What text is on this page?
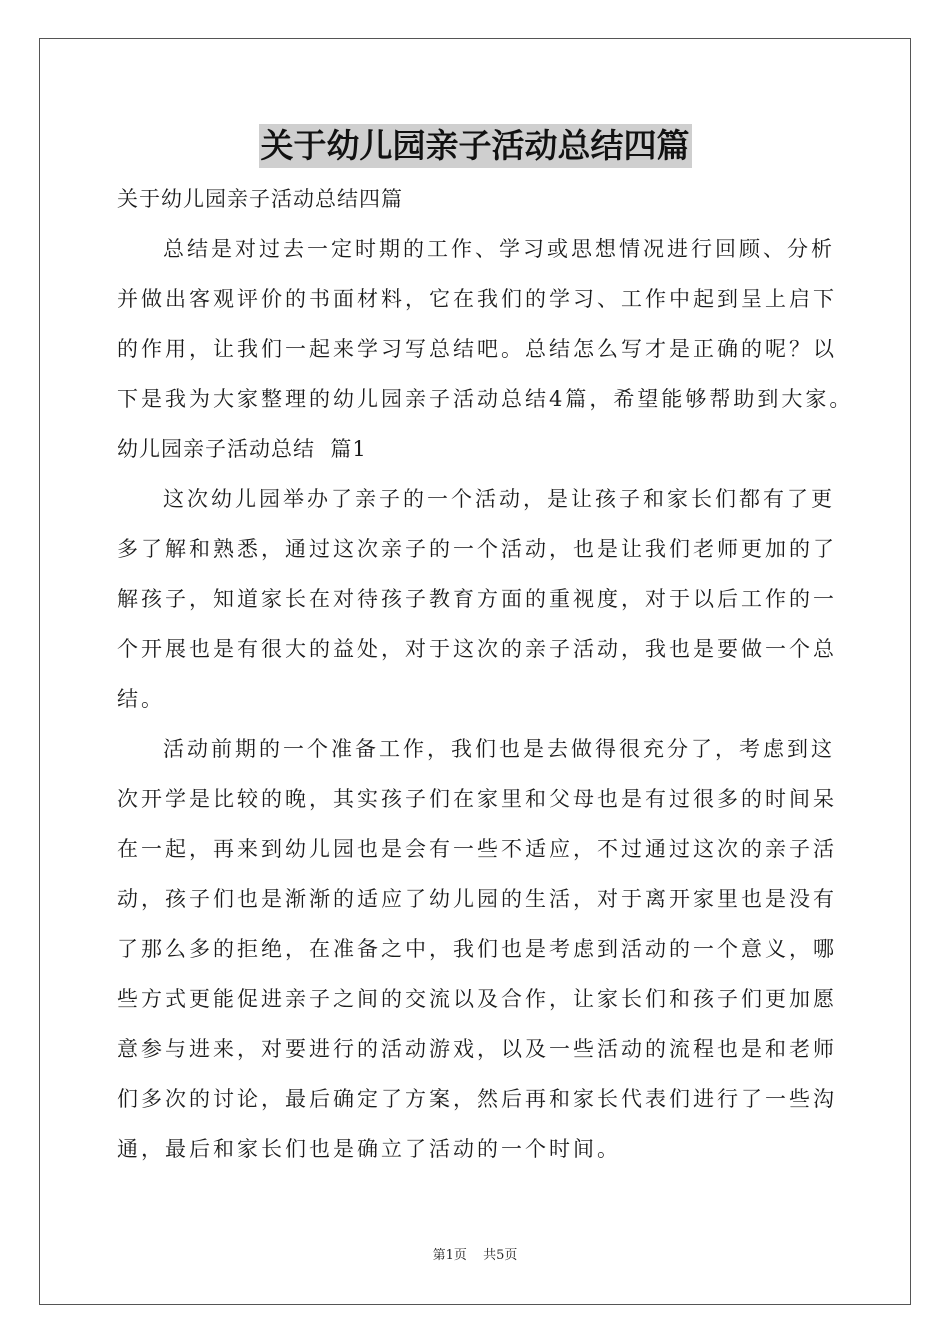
关于幼儿园亲子活动总结四篇
关于幼儿园亲子活动总结四篇
总结是对过去一定时期的工作、学习或思想情况进行回顾、分析
并做出客观评价的书面材料，它在我们的学习、工作中起到呈上启下
的作用，让我们一起来学习写总结吧。总结怎么写才是正确的呢？以
下是我为大家整理的幼儿园亲子活动总结4篇，希望能够帮助到大家。
幼儿园亲子活动总结  篇1
这次幼儿园举办了亲子的一个活动，是让孩子和家长们都有了更
多了解和熟悉，通过这次亲子的一个活动，也是让我们老师更加的了
解孩子，知道家长在对待孩子教育方面的重视度，对于以后工作的一
个开展也是有很大的益处，对于这次的亲子活动，我也是要做一个总
结。
活动前期的一个准备工作，我们也是去做得很充分了，考虑到这
次开学是比较的晚，其实孩子们在家里和父母也是有过很多的时间呆
在一起，再来到幼儿园也是会有一些不适应，不过通过这次的亲子活
动，孩子们也是渐渐的适应了幼儿园的生活，对于离开家里也是没有
了那么多的拒绝，在准备之中，我们也是考虑到活动的一个意义，哪
些方式更能促进亲子之间的交流以及合作，让家长们和孩子们更加愿
意参与进来，对要进行的活动游戏，以及一些活动的流程也是和老师
们多次的讨论，最后确定了方案，然后再和家长代表们进行了一些沟
通，最后和家长们也是确立了活动的一个时间。
第1页 共5页
